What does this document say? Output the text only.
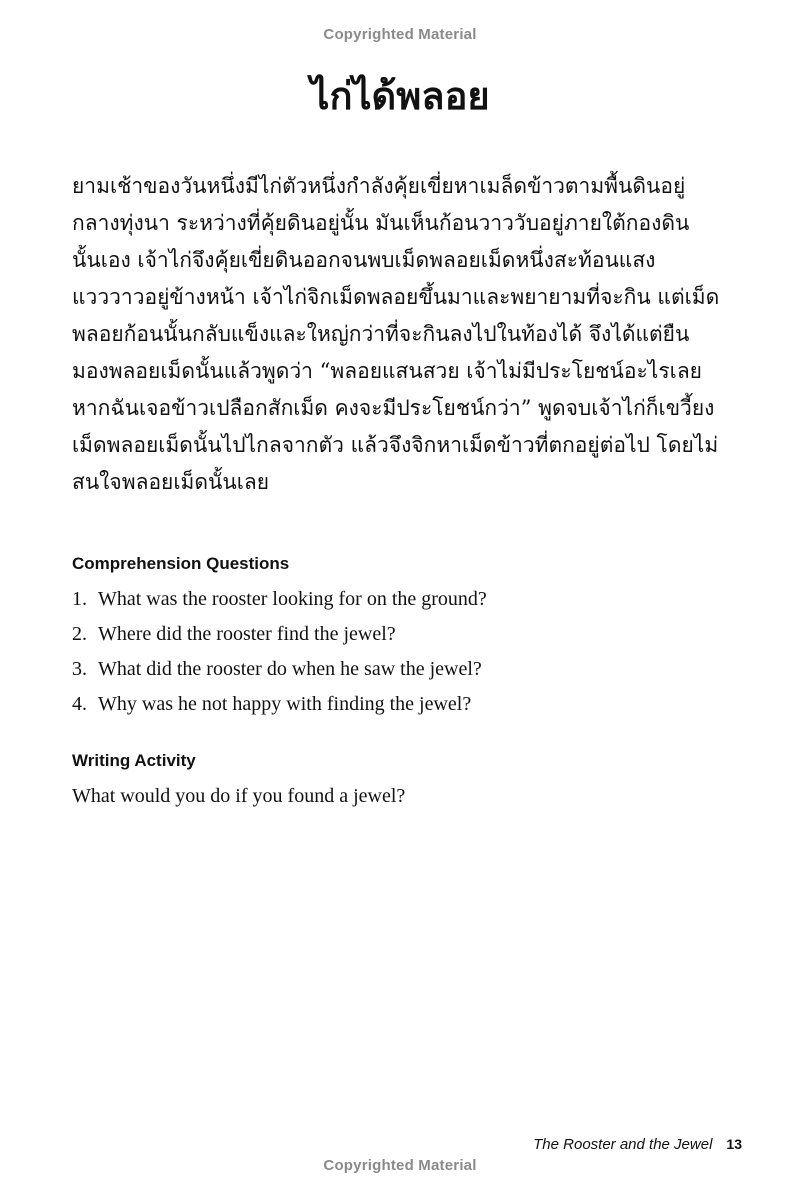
Copyrighted Material
ไก่ได้พลอย

ยามเช้าของวันหนึ่งมีไก่ตัวหนึ่งกำลังคุ้ยเขี่ยหาเมล็ดข้าวตามพื้นดินอยู่
กลางทุ่งนา ระหว่างที่คุ้ยดินอยู่นั้น มันเห็นก้อนวาววับอยู่ภายใต้กองดิน
นั้นเอง เจ้าไก่จึงคุ้ยเขี่ยดินออกจนพบเม็ดพลอยเม็ดหนึ่งสะท้อนแสง
แวววาวอยู่ข้างหน้า เจ้าไก่จิกเม็ดพลอยขึ้นมาและพยายามที่จะกิน แต่เม็ด
พลอยก้อนนั้นกลับแข็งและใหญ่กว่าที่จะกินลงไปในท้องได้ จึงได้แต่ยืน
มองพลอยเม็ดนั้นแล้วพูดว่า “พลอยแสนสวย เจ้าไม่มีประโยชน์อะไรเลย
หากฉันเจอข้าวเปลือกสักเม็ด คงจะมีประโยชน์กว่า” พูดจบเจ้าไก่ก็เขวี้ยง
เม็ดพลอยเม็ดนั้นไปไกลจากตัว แล้วจึงจิกหาเม็ดข้าวที่ตกอยู่ต่อไป โดยไม่
สนใจพลอยเม็ดนั้นเลย

Comprehension Questions
1. What was the rooster looking for on the ground?
2. Where did the rooster find the jewel?
3. What did the rooster do when he saw the jewel?
4. Why was he not happy with finding the jewel?
Writing Activity

What would you do if you found a jewel?

The Rooster and the Jewel 13
Copyrighted Material
